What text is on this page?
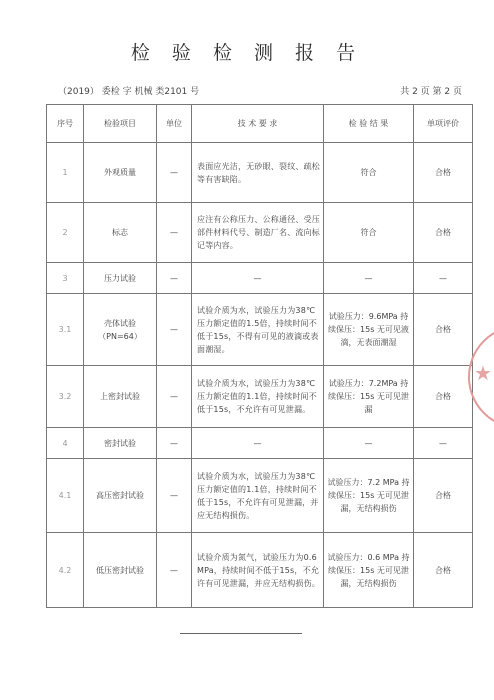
检 验 检 测 报 告
（2019） 委检 字 机械 类2101 号	共 2 页 第 2 页
序号	检验项目	单位	技 术 要 求	检 验 结 果	单项评价
1	外观质量	—	表面应光洁，无砂眼、裂纹、疏松等有害缺陷。	符合	合格
2	标志	—	应注有公称压力、公称通径、受压部件材料代号、制造厂名、流向标记等内容。	符合	合格
3	压力试验	—	—	—	—
3.1	壳体试验（PN=64）	—	试验介质为水，试验压力为38℃压力额定值的1.5倍，持续时间不低于15s，不得有可见的液滴或表面潮湿。	试验压力：9.6MPa 持续保压：15s 无可见液滴，无表面潮湿	合格
3.2	上密封试验	—	试验介质为水，试验压力为38℃压力额定值的1.1倍，持续时间不低于15s，不允许有可见泄漏。	试验压力：7.2MPa 持续保压：15s 无可见泄漏	合格
4	密封试验	—	—	—	—
4.1	高压密封试验	—	试验介质为水，试验压力为38℃压力额定值的1.1倍，持续时间不低于15s，不允许有可见泄漏，并应无结构损伤。	试验压力：7.2 MPa 持续保压：15s 无可见泄漏，无结构损伤	合格
4.2	低压密封试验	—	试验介质为氮气，试验压力为0.6 MPa，持续时间不低于15s，不允许有可见泄漏，并应无结构损伤。	试验压力：0.6 MPa 持续保压：15s 无可见泄漏，无结构损伤	合格
★
